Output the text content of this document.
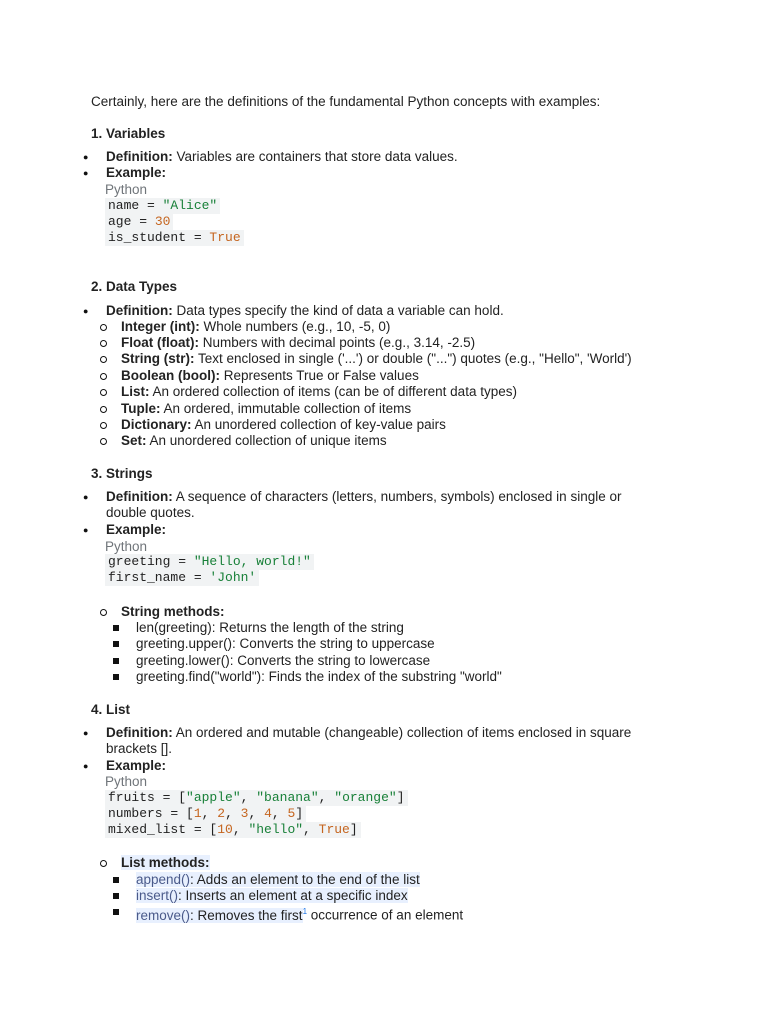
Certainly, here are the definitions of the fundamental Python concepts with examples:
1. Variables
● Definition: Variables are containers that store data values.
● Example:
Python
name = "Alice"
age = 30
is_student = True
2. Data Types
● Definition: Data types specify the kind of data a variable can hold.
Integer (int): Whole numbers (e.g., 10, -5, 0)
Float (float): Numbers with decimal points (e.g., 3.14, -2.5)
String (str): Text enclosed in single ('...') or double ("...") quotes (e.g., "Hello", 'World')
Boolean (bool): Represents True or False values
List: An ordered collection of items (can be of different data types)
Tuple: An ordered, immutable collection of items
Dictionary: An unordered collection of key-value pairs
Set: An unordered collection of unique items
3. Strings
● Definition: A sequence of characters (letters, numbers, symbols) enclosed in single or double quotes.
● Example:
Python
greeting = "Hello, world!"
first_name = 'John'
String methods:
len(greeting): Returns the length of the string
greeting.upper(): Converts the string to uppercase
greeting.lower(): Converts the string to lowercase
greeting.find("world"): Finds the index of the substring "world"
4. List
● Definition: An ordered and mutable (changeable) collection of items enclosed in square brackets [].
● Example:
Python
fruits = ["apple", "banana", "orange"]
numbers = [1, 2, 3, 4, 5]
mixed_list = [10, "hello", True]
List methods:
append(): Adds an element to the end of the list
insert(): Inserts an element at a specific index
remove(): Removes the first$^1$ occurrence of an element
